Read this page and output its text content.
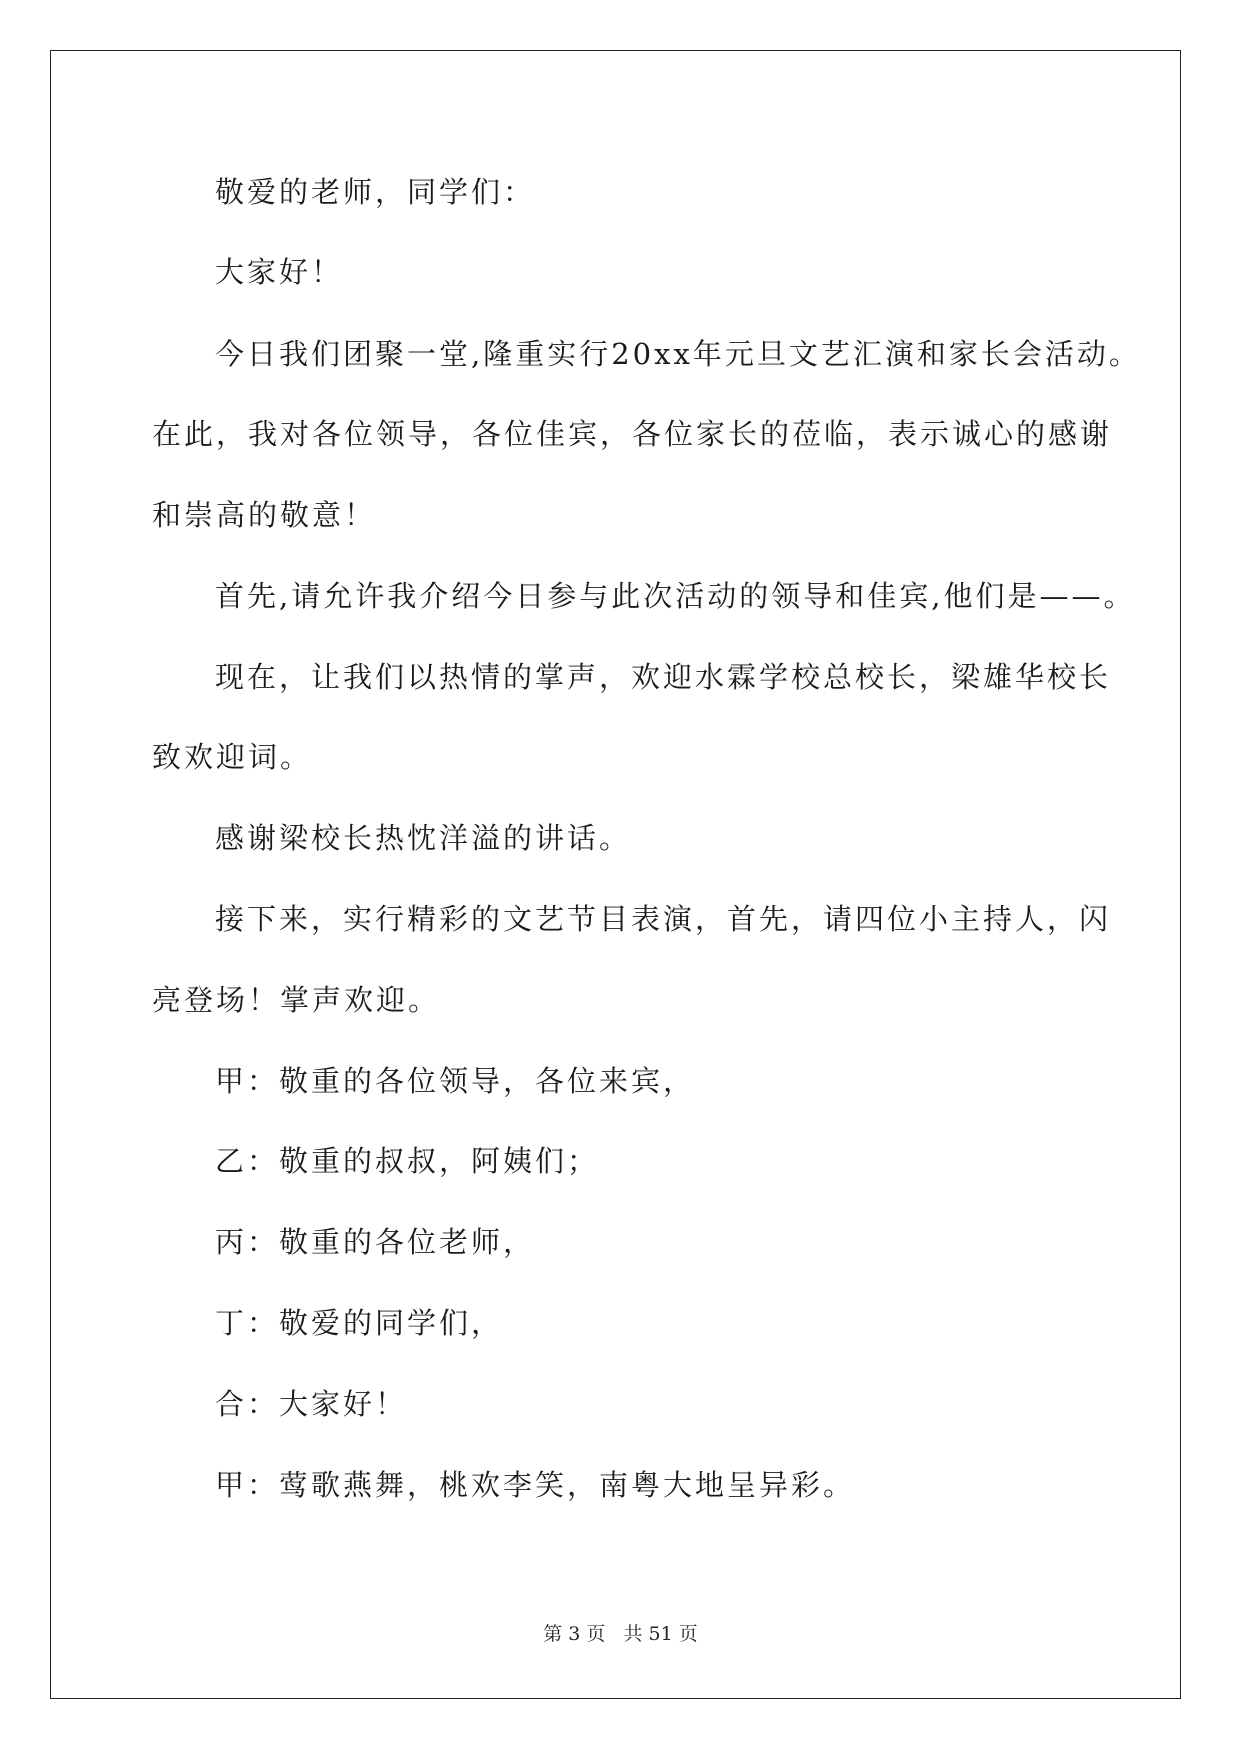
敬爱的老师，同学们：
大家好！
今日我们团聚一堂,隆重实行20xx年元旦文艺汇演和家长会活动。
在此，我对各位领导，各位佳宾，各位家长的莅临，表示诚心的感谢
和崇高的敬意！
首先,请允许我介绍今日参与此次活动的领导和佳宾,他们是——。
现在，让我们以热情的掌声，欢迎水霖学校总校长，梁雄华校长
致欢迎词。
感谢梁校长热忱洋溢的讲话。
接下来，实行精彩的文艺节目表演，首先，请四位小主持人，闪
亮登场！掌声欢迎。
甲：敬重的各位领导，各位来宾，
乙：敬重的叔叔，阿姨们；
丙：敬重的各位老师，
丁：敬爱的同学们，
合：大家好！
甲：莺歌燕舞，桃欢李笑，南粤大地呈异彩。
第 3 页 共 51 页
